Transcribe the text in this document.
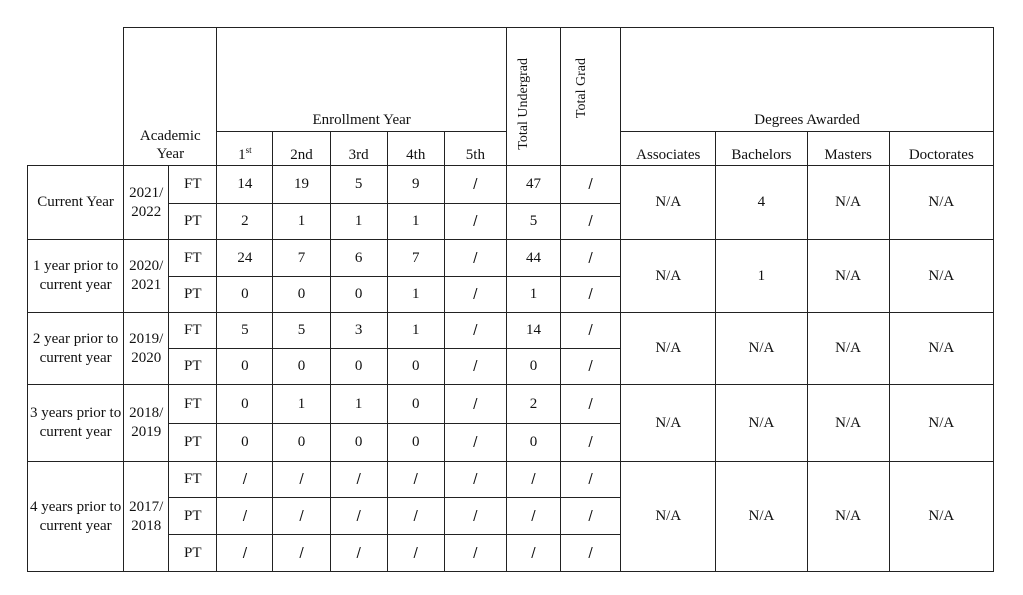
	Academic Year		Enrollment Year					Total Undergrad	Total Grad	Degrees Awarded			
			1st	2nd	3rd	4th	5th			Associates	Bachelors	Masters	Doctorates
Current Year	2021/ 2022	FT	14	19	5	9	/	47	/	N/A	4	N/A	N/A
		PT	2	1	1	1	/	5	/				
1 year prior to current year	2020/ 2021	FT	24	7	6	7	/	44	/	N/A	1	N/A	N/A
		PT	0	0	0	1	/	1	/				
2 year prior to current year	2019/ 2020	FT	5	5	3	1	/	14	/	N/A	N/A	N/A	N/A
		PT	0	0	0	0	/	0	/				
3 years prior to current year	2018/ 2019	FT	0	1	1	0	/	2	/	N/A	N/A	N/A	N/A
		PT	0	0	0	0	/	0	/				
4 years prior to current year	2017/ 2018	FT	/	/	/	/	/	/	/	N/A	N/A	N/A	N/A
		PT	/	/	/	/	/	/	/				
		PT	/	/	/	/	/	/	/				
